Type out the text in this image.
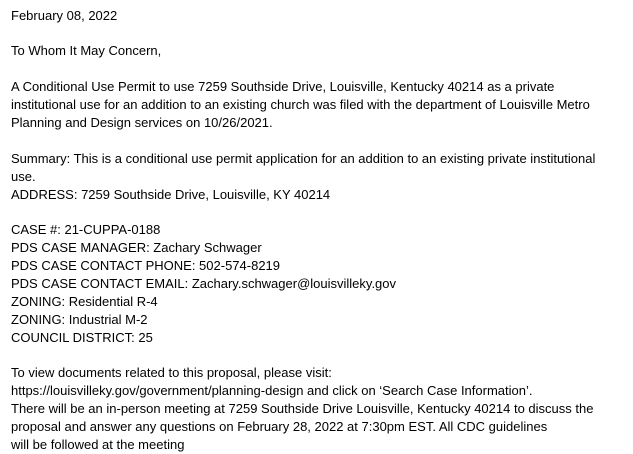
February 08, 2022
To Whom It May Concern,
A Conditional Use Permit to use 7259 Southside Drive, Louisville, Kentucky 40214 as a private
institutional use for an addition to an existing church was filed with the department of Louisville Metro
Planning and Design services on 10/26/2021.
Summary: This is a conditional use permit application for an addition to an existing private institutional
use.
ADDRESS: 7259 Southside Drive, Louisville, KY 40214
CASE #: 21-CUPPA-0188
PDS CASE MANAGER: Zachary Schwager
PDS CASE CONTACT PHONE: 502-574-8219
PDS CASE CONTACT EMAIL: Zachary.schwager@louisvilleky.gov
ZONING: Residential R-4
ZONING: Industrial M-2
COUNCIL DISTRICT: 25
To view documents related to this proposal, please visit:
https://louisvilleky.gov/government/planning-design and click on ‘Search Case Information’.
There will be an in-person meeting at 7259 Southside Drive Louisville, Kentucky 40214 to discuss the
proposal and answer any questions on February 28, 2022 at 7:30pm EST. All CDC guidelines
will be followed at the meeting
